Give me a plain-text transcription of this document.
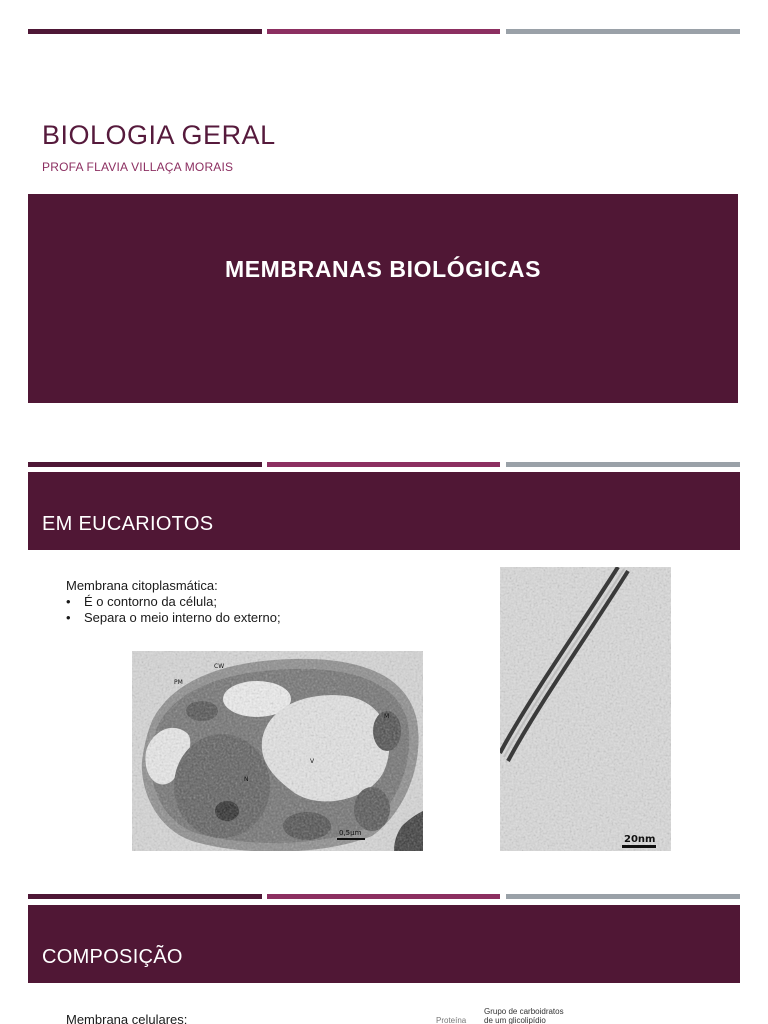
BIOLOGIA GERAL
PROFA FLAVIA VILLAÇA MORAIS
MEMBRANAS BIOLÓGICAS
EM EUCARIOTOS
Membrana citoplasmática:
• É o contorno da célula;
• Separa o meio interno do externo;
PM
CW
M
N
V
0,5μm
20nm
COMPOSIÇÃO
Membrana celulares:	Proteína
Grupo de carboidratos
de um glicolipídio
